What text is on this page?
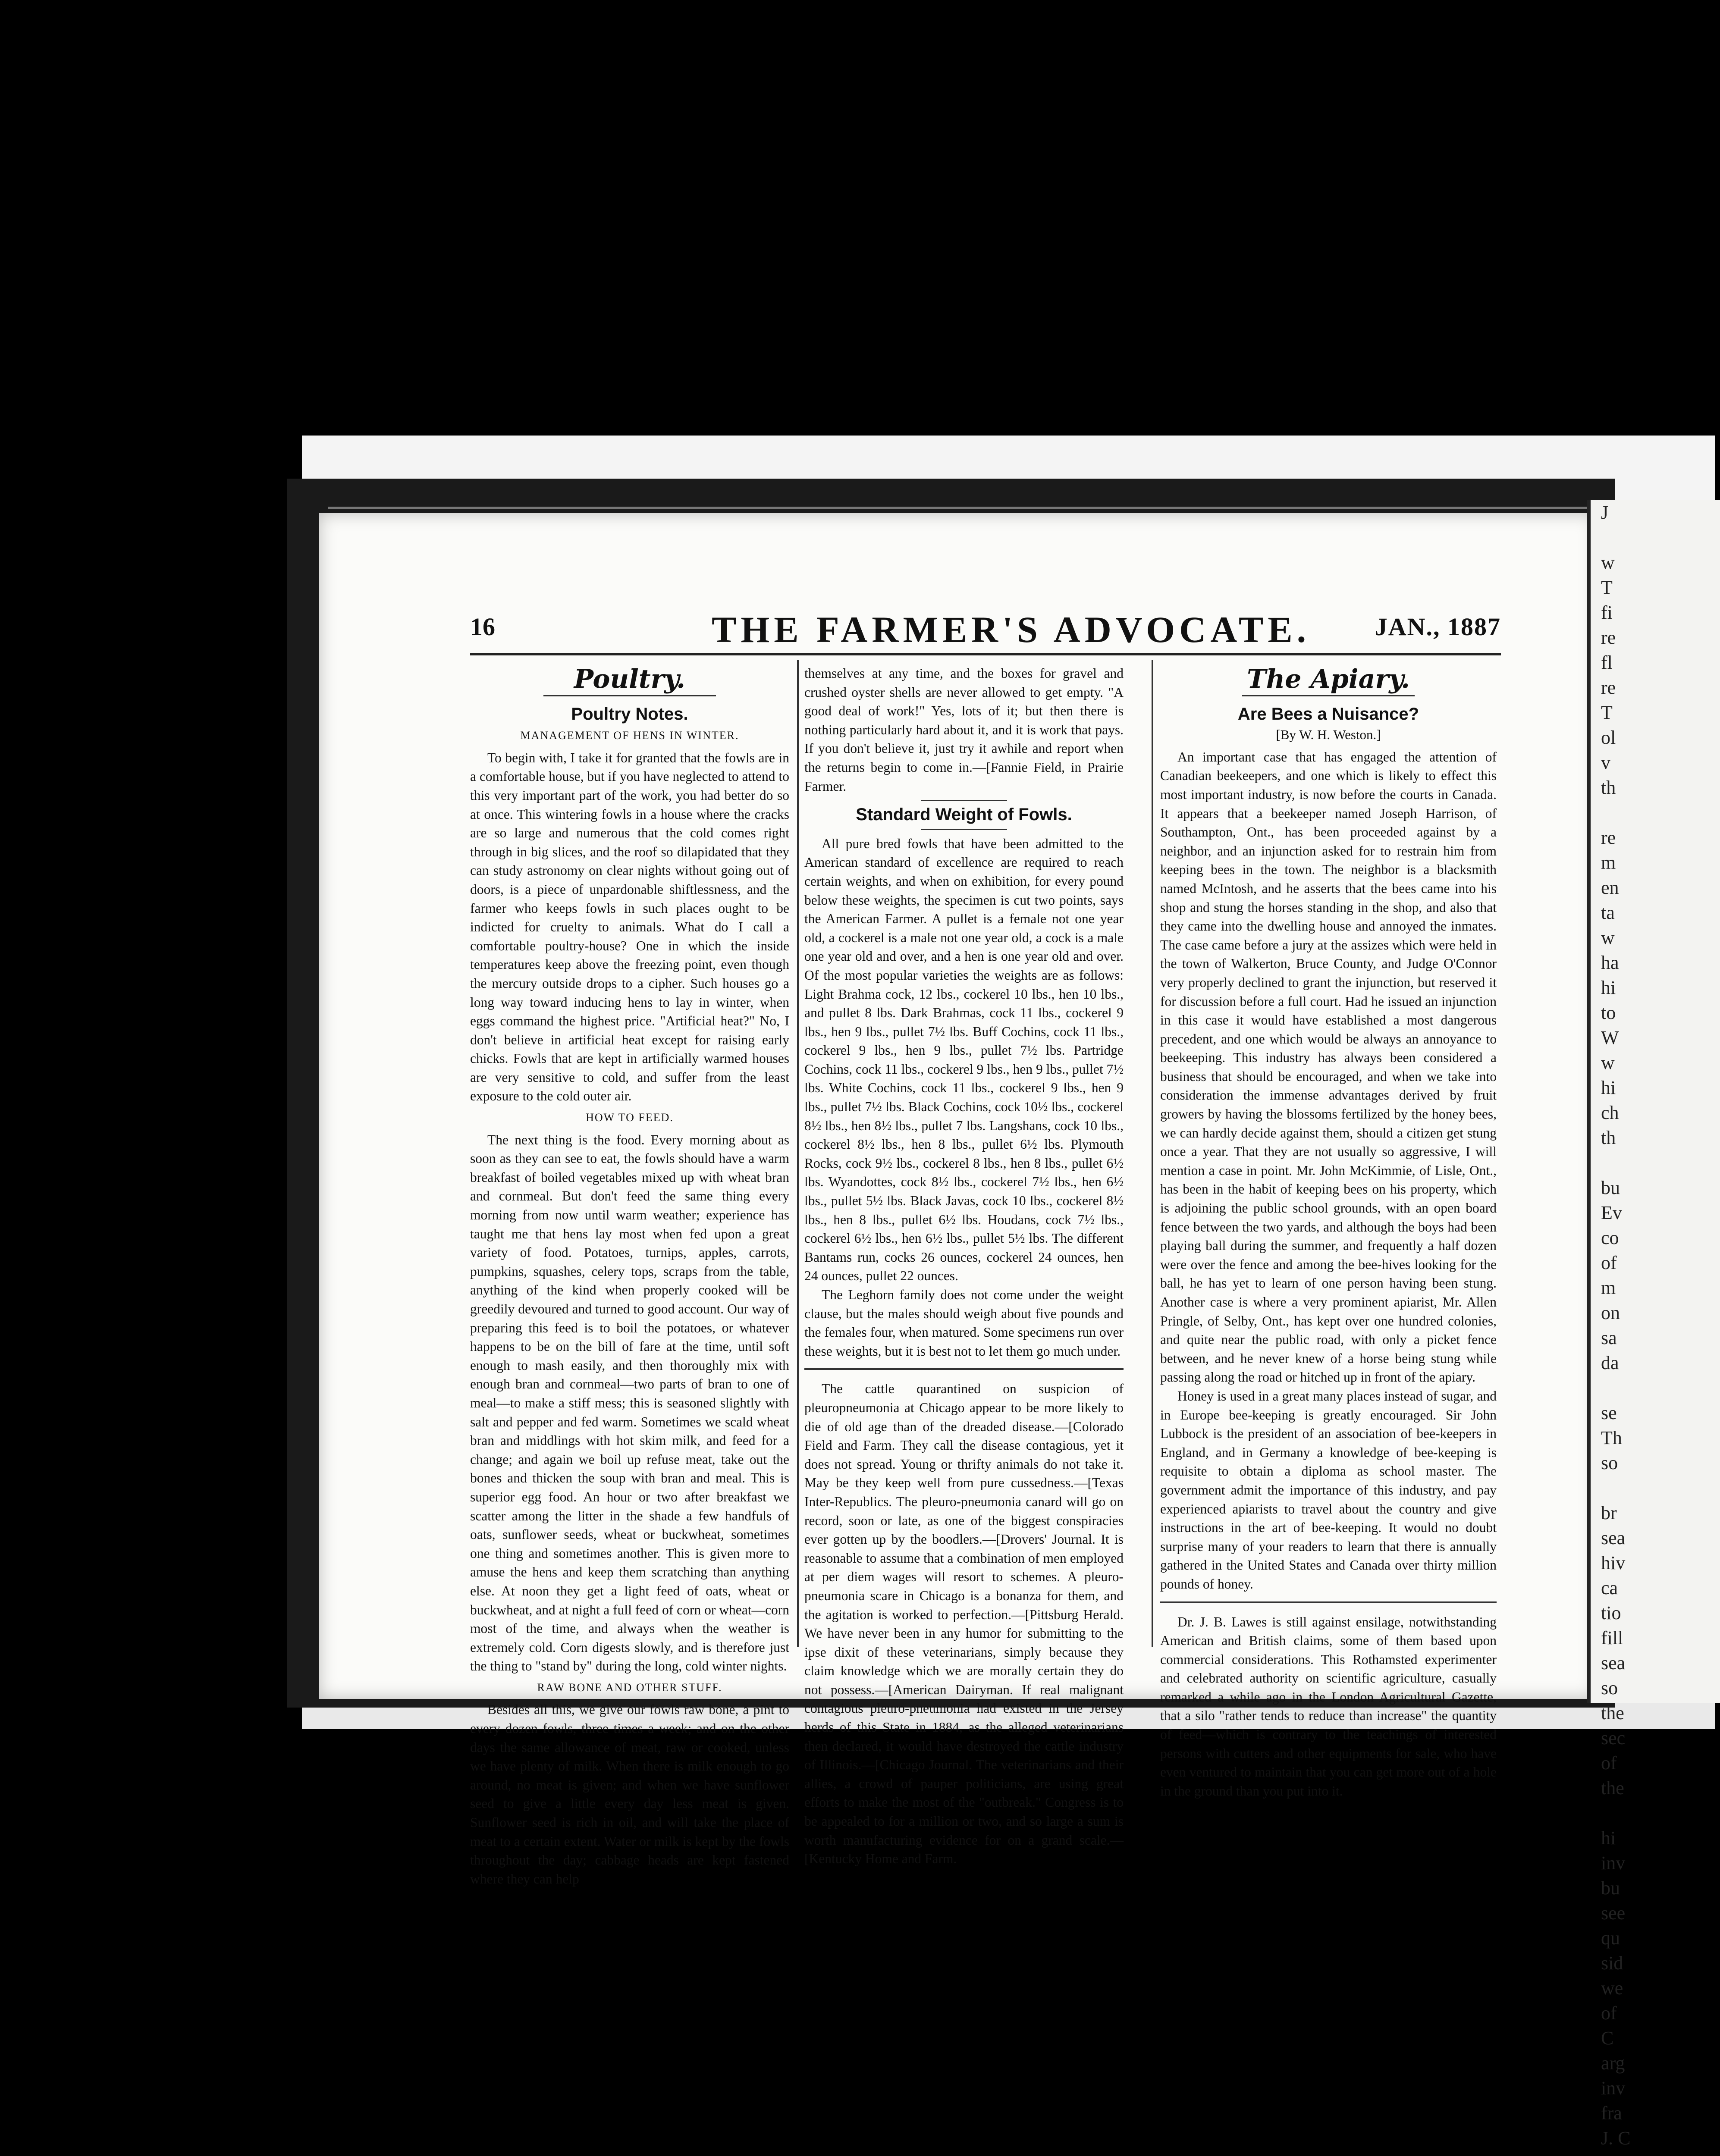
J

w
T
fi
re
fl
re
T
ol
v
th

re
m
en
ta
w
ha
hi
to
W
w
hi
ch
th

bu
Ev
co
of
m
on
sa
da

se
Th
so

br
sea
hiv
ca
tio
fill
sea
so
the
sec
of
the

hi
inv
bu
see
qu
sid
we
of
C
arg
inv
fra
J. C
16	THE FARMER'S ADVOCATE.	JAN., 1887
Poultry.
Poultry Notes.
MANAGEMENT OF HENS IN WINTER.

To begin with, I take it for granted that the fowls are in a comfortable house, but if you have neglected to attend to this very important part of the work, you had better do so at once. This wintering fowls in a house where the cracks are so large and numerous that the cold comes right through in big slices, and the roof so dilapidated that they can study astronomy on clear nights without going out of doors, is a piece of unpardonable shiftlessness, and the farmer who keeps fowls in such places ought to be indicted for cruelty to animals. What do I call a comfortable poultry-house? One in which the inside temperatures keep above the freezing point, even though the mercury outside drops to a cipher. Such houses go a long way toward inducing hens to lay in winter, when eggs command the highest price. "Artificial heat?" No, I don't believe in artificial heat except for raising early chicks. Fowls that are kept in artificially warmed houses are very sensitive to cold, and suffer from the least exposure to the cold outer air.

HOW TO FEED.

The next thing is the food. Every morning about as soon as they can see to eat, the fowls should have a warm breakfast of boiled vegetables mixed up with wheat bran and cornmeal. But don't feed the same thing every morning from now until warm weather; experience has taught me that hens lay most when fed upon a great variety of food. Potatoes, turnips, apples, carrots, pumpkins, squashes, celery tops, scraps from the table, anything of the kind when properly cooked will be greedily devoured and turned to good account. Our way of preparing this feed is to boil the potatoes, or whatever happens to be on the bill of fare at the time, until soft enough to mash easily, and then thoroughly mix with enough bran and cornmeal—two parts of bran to one of meal—to make a stiff mess; this is seasoned slightly with salt and pepper and fed warm. Sometimes we scald wheat bran and middlings with hot skim milk, and feed for a change; and again we boil up refuse meat, take out the bones and thicken the soup with bran and meal. This is superior egg food. An hour or two after breakfast we scatter among the litter in the shade a few handfuls of oats, sunflower seeds, wheat or buckwheat, sometimes one thing and sometimes another. This is given more to amuse the hens and keep them scratching than anything else. At noon they get a light feed of oats, wheat or buckwheat, and at night a full feed of corn or wheat—corn most of the time, and always when the weather is extremely cold. Corn digests slowly, and is therefore just the thing to "stand by" during the long, cold winter nights.

RAW BONE AND OTHER STUFF.

Besides all this, we give our fowls raw bone, a pint to every dozen fowls, three times a week; and on the other days the same allowance of meat, raw or cooked, unless we have plenty of milk. When there is milk enough to go around, no meat is given; and when we have sunflower seed to give a little every day less meat is given. Sunflower seed is rich in oil, and will take the place of meat to a certain extent. Water or milk is kept by the fowls throughout the day; cabbage heads are kept fastened where they can help

themselves at any time, and the boxes for gravel and crushed oyster shells are never allowed to get empty. "A good deal of work!" Yes, lots of it; but then there is nothing particularly hard about it, and it is work that pays. If you don't believe it, just try it awhile and report when the returns begin to come in.—[Fannie Field, in Prairie Farmer.

Standard Weight of Fowls.

All pure bred fowls that have been admitted to the American standard of excellence are required to reach certain weights, and when on exhibition, for every pound below these weights, the specimen is cut two points, says the American Farmer. A pullet is a female not one year old, a cockerel is a male not one year old, a cock is a male one year old and over, and a hen is one year old and over. Of the most popular varieties the weights are as follows: Light Brahma cock, 12 lbs., cockerel 10 lbs., hen 10 lbs., and pullet 8 lbs. Dark Brahmas, cock 11 lbs., cockerel 9 lbs., hen 9 lbs., pullet 7½ lbs. Buff Cochins, cock 11 lbs., cockerel 9 lbs., hen 9 lbs., pullet 7½ lbs. Partridge Cochins, cock 11 lbs., cockerel 9 lbs., hen 9 lbs., pullet 7½ lbs. White Cochins, cock 11 lbs., cockerel 9 lbs., hen 9 lbs., pullet 7½ lbs. Black Cochins, cock 10½ lbs., cockerel 8½ lbs., hen 8½ lbs., pullet 7 lbs. Langshans, cock 10 lbs., cockerel 8½ lbs., hen 8 lbs., pullet 6½ lbs. Plymouth Rocks, cock 9½ lbs., cockerel 8 lbs., hen 8 lbs., pullet 6½ lbs. Wyandottes, cock 8½ lbs., cockerel 7½ lbs., hen 6½ lbs., pullet 5½ lbs. Black Javas, cock 10 lbs., cockerel 8½ lbs., hen 8 lbs., pullet 6½ lbs. Houdans, cock 7½ lbs., cockerel 6½ lbs., hen 6½ lbs., pullet 5½ lbs. The different Bantams run, cocks 26 ounces, cockerel 24 ounces, hen 24 ounces, pullet 22 ounces.

The Leghorn family does not come under the weight clause, but the males should weigh about five pounds and the females four, when matured. Some specimens run over these weights, but it is best not to let them go much under.

The cattle quarantined on suspicion of pleuropneumonia at Chicago appear to be more likely to die of old age than of the dreaded disease.—[Colorado Field and Farm. They call the disease contagious, yet it does not spread. Young or thrifty animals do not take it. May be they keep well from pure cussedness.—[Texas Inter-Republics. The pleuro-pneumonia canard will go on record, soon or late, as one of the biggest conspiracies ever gotten up by the boodlers.—[Drovers' Journal. It is reasonable to assume that a combination of men employed at per diem wages will resort to schemes. A pleuro-pneumonia scare in Chicago is a bonanza for them, and the agitation is worked to perfection.—[Pittsburg Herald. We have never been in any humor for submitting to the ipse dixit of these veterinarians, simply because they claim knowledge which we are morally certain they do not possess.—[American Dairyman. If real malignant contagious pleuro-pneumonia had existed in the Jersey herds of this State in 1884, as the alleged veterinarians then declared, it would have destroyed the cattle industry of Illinois.—[Chicago Journal. The veterinarians and their allies, a crowd of pauper politicians, are using great efforts to make the most of the "outbreak." Congress is to be appealed to for a million or two, and so large a sum is worth manufacturing evidence for on a grand scale.—[Kentucky Home and Farm.

The Apiary.
Are Bees a Nuisance?
[By W. H. Weston.]

An important case that has engaged the attention of Canadian beekeepers, and one which is likely to effect this most important industry, is now before the courts in Canada. It appears that a beekeeper named Joseph Harrison, of Southampton, Ont., has been proceeded against by a neighbor, and an injunction asked for to restrain him from keeping bees in the town. The neighbor is a blacksmith named McIntosh, and he asserts that the bees came into his shop and stung the horses standing in the shop, and also that they came into the dwelling house and annoyed the inmates. The case came before a jury at the assizes which were held in the town of Walkerton, Bruce County, and Judge O'Connor very properly declined to grant the injunction, but reserved it for discussion before a full court. Had he issued an injunction in this case it would have established a most dangerous precedent, and one which would be always an annoyance to beekeeping. This industry has always been considered a business that should be encouraged, and when we take into consideration the immense advantages derived by fruit growers by having the blossoms fertilized by the honey bees, we can hardly decide against them, should a citizen get stung once a year. That they are not usually so aggressive, I will mention a case in point. Mr. John McKimmie, of Lisle, Ont., has been in the habit of keeping bees on his property, which is adjoining the public school grounds, with an open board fence between the two yards, and although the boys had been playing ball during the summer, and frequently a half dozen were over the fence and among the bee-hives looking for the ball, he has yet to learn of one person having been stung. Another case is where a very prominent apiarist, Mr. Allen Pringle, of Selby, Ont., has kept over one hundred colonies, and quite near the public road, with only a picket fence between, and he never knew of a horse being stung while passing along the road or hitched up in front of the apiary.

Honey is used in a great many places instead of sugar, and in Europe bee-keeping is greatly encouraged. Sir John Lubbock is the president of an association of bee-keepers in England, and in Germany a knowledge of bee-keeping is requisite to obtain a diploma as school master. The government admit the importance of this industry, and pay experienced apiarists to travel about the country and give instructions in the art of bee-keeping. It would no doubt surprise many of your readers to learn that there is annually gathered in the United States and Canada over thirty million pounds of honey.

Dr. J. B. Lawes is still against ensilage, notwithstanding American and British claims, some of them based upon commercial considerations. This Rothamsted experimenter and celebrated authority on scientific agriculture, casually remarked a while ago in the London Agricultural Gazette, that a silo "rather tends to reduce than increase" the quantity of feed—which is contrary to the teachings of interested persons with cutters and other equipments for sale, who have even ventured to maintain that you can get more out of a hole in the ground than you put into it.
